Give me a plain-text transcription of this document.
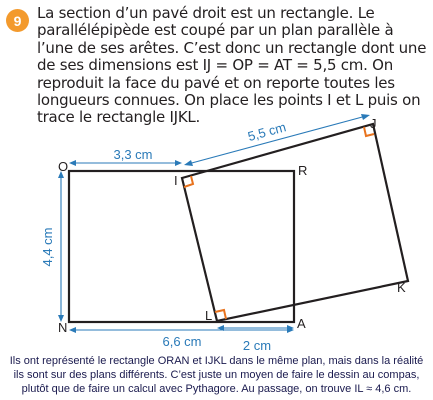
9	La section d’un pavé droit est un rectangle. Le parallélépipède est coupé par un plan parallèle à l’une de ses arêtes. C’est donc un rectangle dont une de ses dimensions est IJ = OP = AT = 5,5 cm. On reproduit la face du pavé et on reporte toutes les longueurs connues. On place les points I et L puis on trace le rectangle IJKL.

3,3 cm
5,5 cm
4,4 cm
6,6 cm	2 cm
O	R
N	A
I
J
K
L

Ils ont représenté le rectangle ORAN et IJKL dans le même plan, mais dans la réalité ils sont sur des plans différents. C’est juste un moyen de faire le dessin au compas, plutôt que de faire un calcul avec Pythagore. Au passage, on trouve IL ≈ 4,6 cm.
